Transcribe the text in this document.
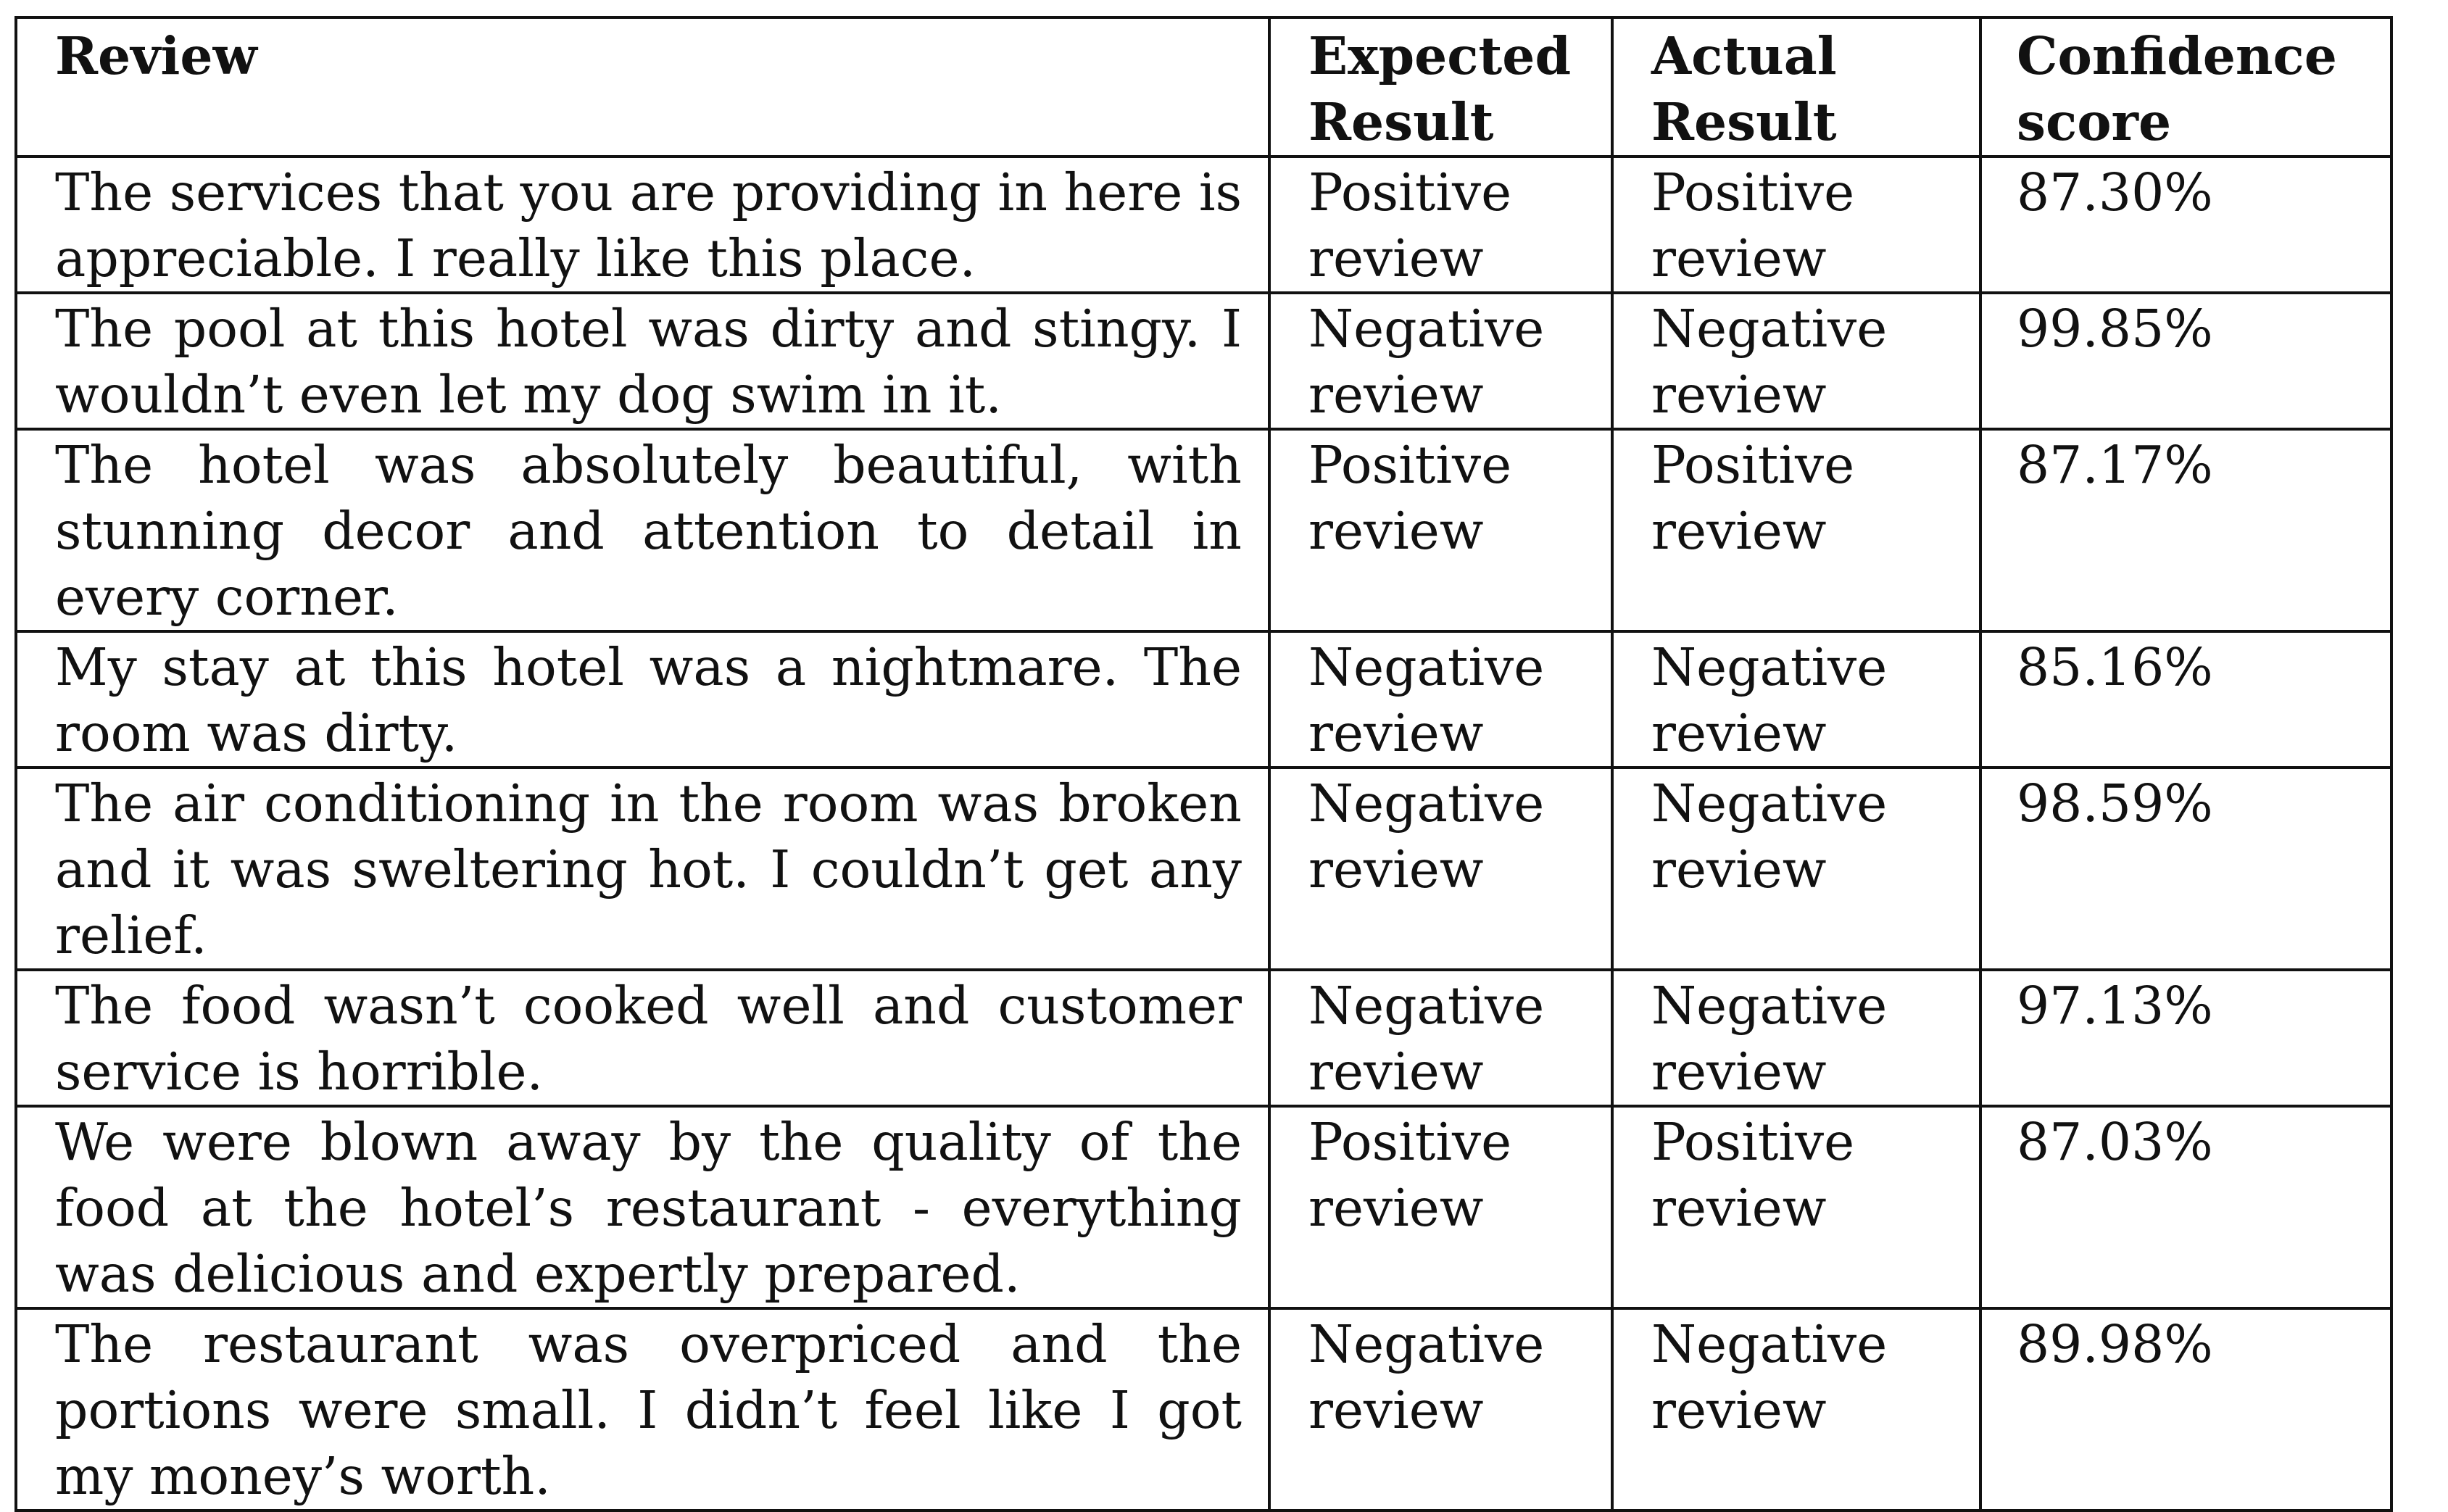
Review	Expected Result	Actual Result	Confidence score
The services that you are providing in here is appreciable. I really like this place.	Positive review	Positive review	87.30%
The pool at this hotel was dirty and stingy. I wouldn’t even let my dog swim in it.	Negative review	Negative review	99.85%
The hotel was absolutely beautiful, with stunning decor and attention to detail in every corner.	Positive review	Positive review	87.17%
My stay at this hotel was a nightmare. The room was dirty.	Negative review	Negative review	85.16%
The air conditioning in the room was broken and it was sweltering hot. I couldn’t get any relief.	Negative review	Negative review	98.59%
The food wasn’t cooked well and customer service is horrible.	Negative review	Negative review	97.13%
We were blown away by the quality of the food at the hotel’s restaurant - everything was delicious and expertly prepared.	Positive review	Positive review	87.03%
The restaurant was overpriced and the portions were small. I didn’t feel like I got my money’s worth.	Negative review	Negative review	89.98%
